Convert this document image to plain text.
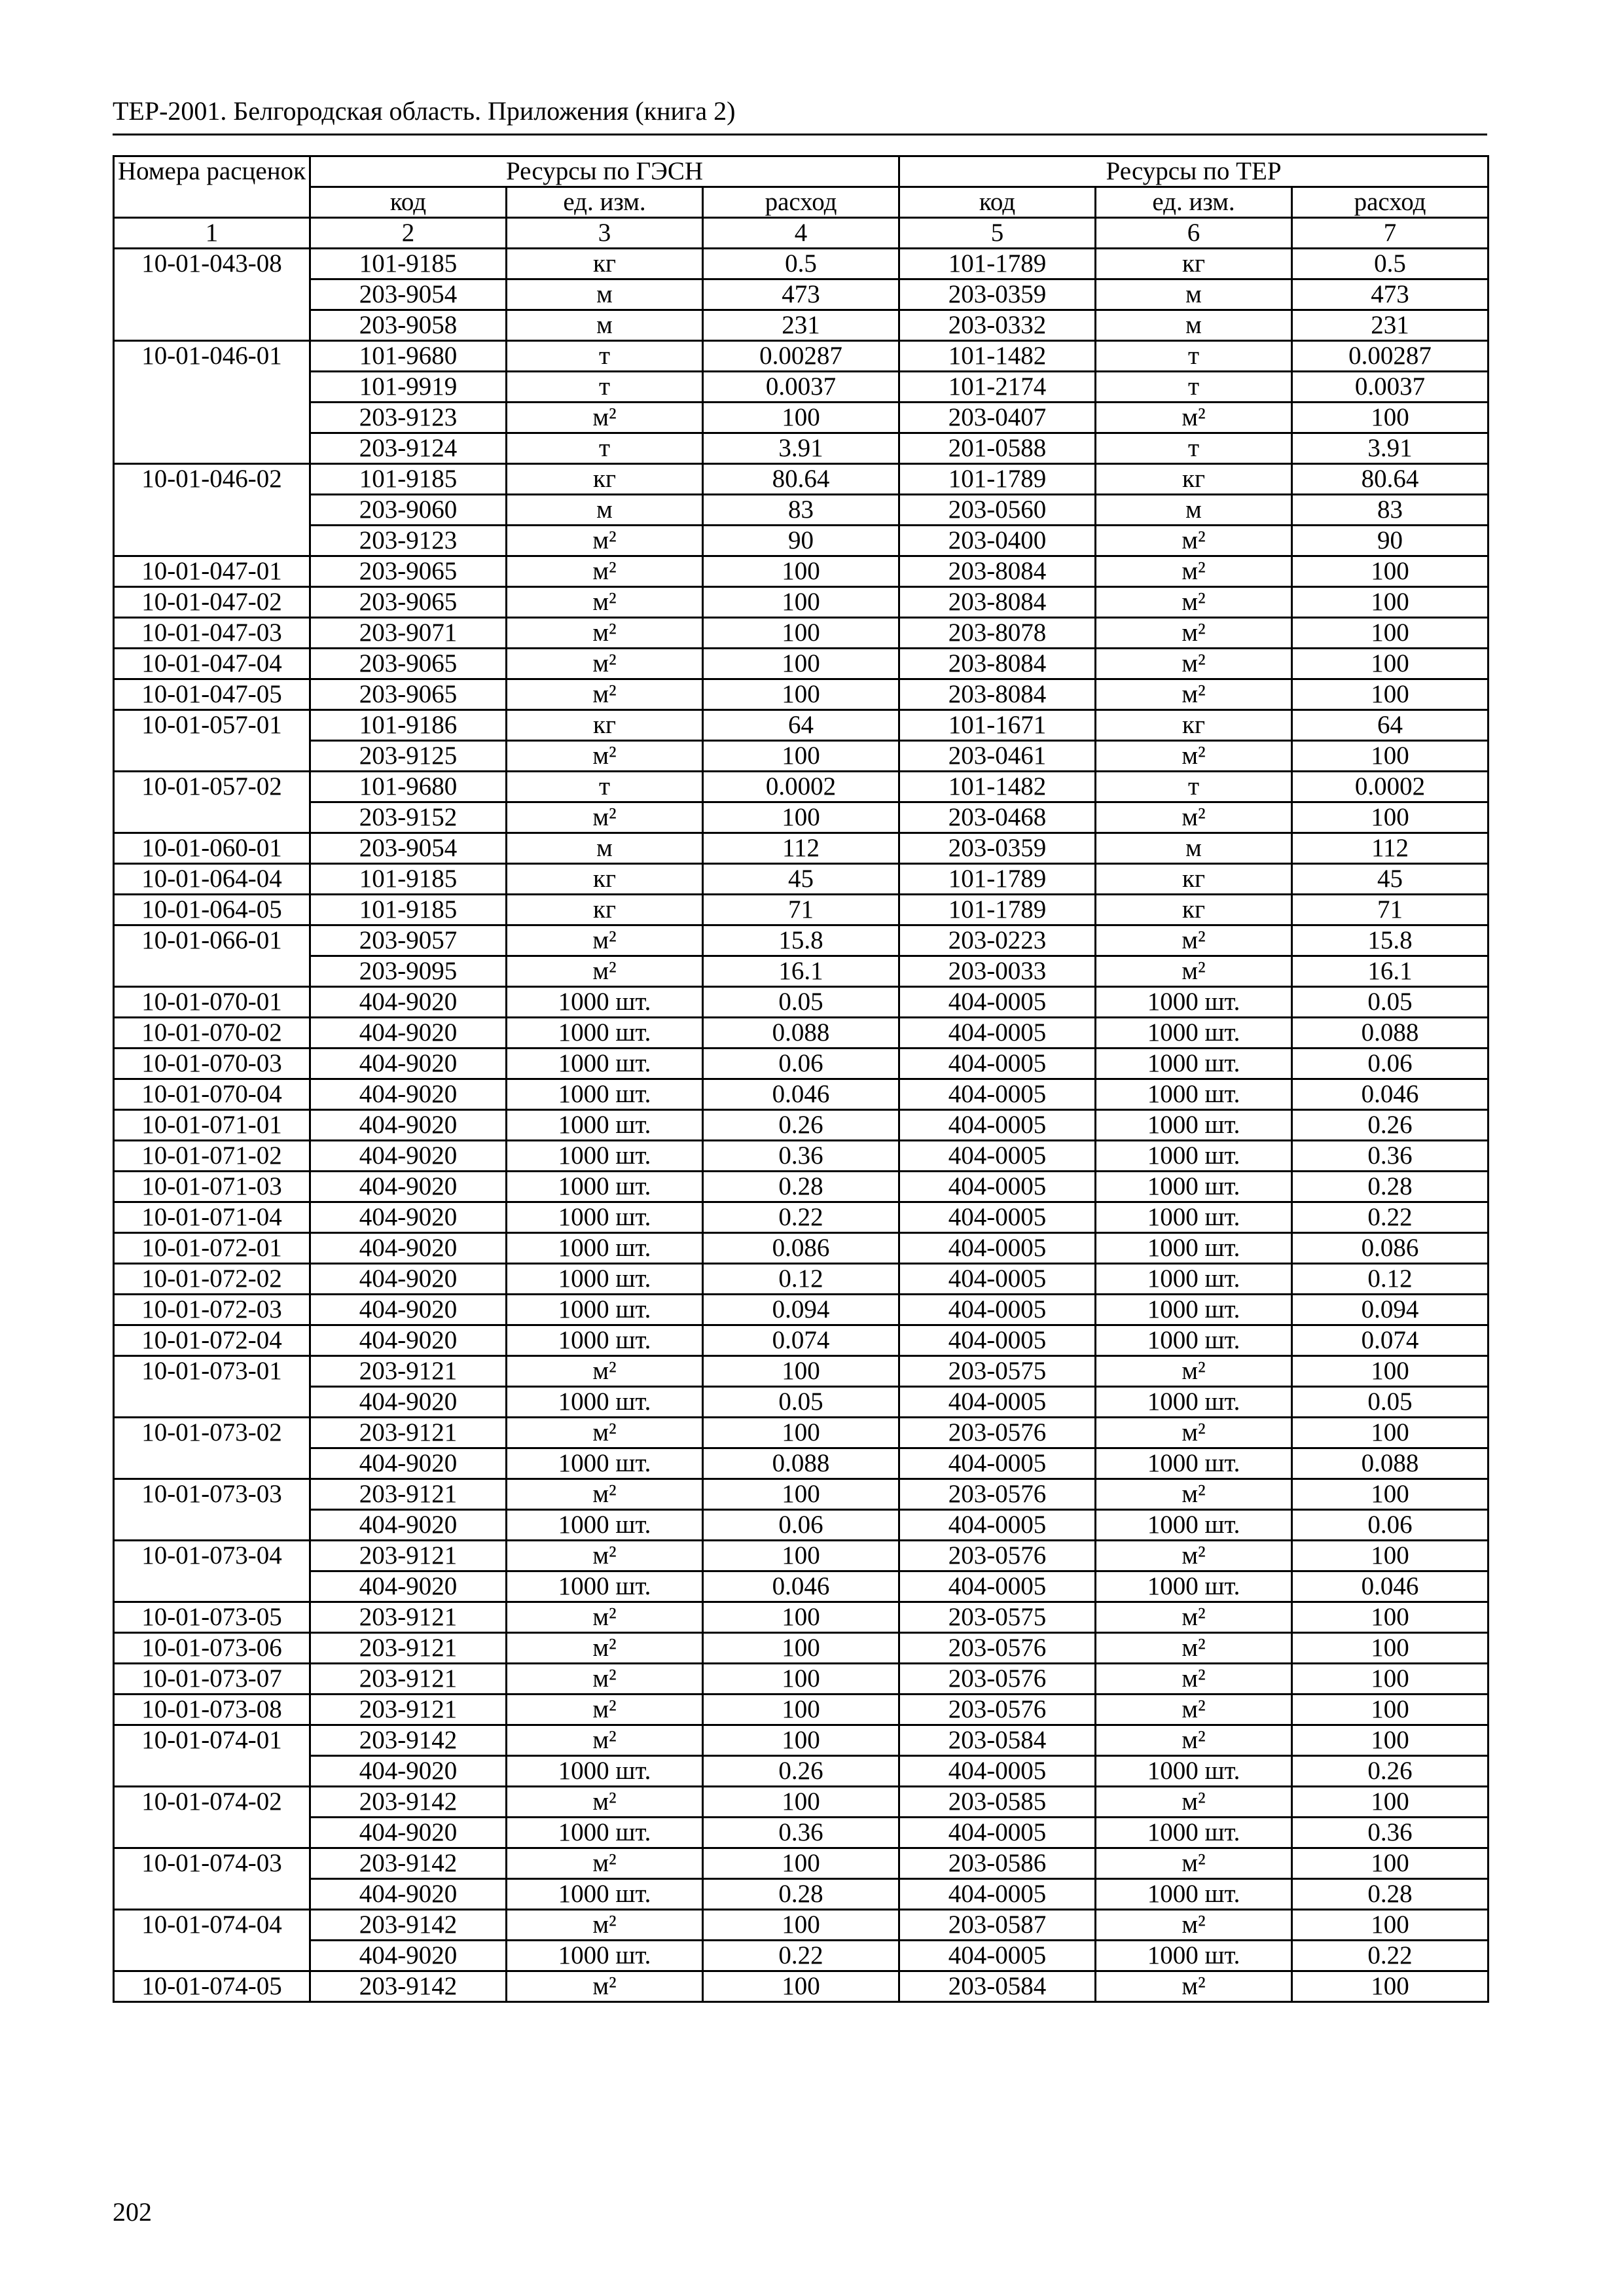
ТЕР-2001. Белгородская область. Приложения (книга 2)
Номера расценок	Ресурсы по ГЭСН			Ресурсы по ТЕР		
	код	ед. изм.	расход	код	ед. изм.	расход
1	2	3	4	5	6	7
10-01-043-08	101-9185	кг	0.5	101-1789	кг	0.5
	203-9054	м	473	203-0359	м	473
	203-9058	м	231	203-0332	м	231
10-01-046-01	101-9680	т	0.00287	101-1482	т	0.00287
	101-9919	т	0.0037	101-2174	т	0.0037
	203-9123	м²	100	203-0407	м²	100
	203-9124	т	3.91	201-0588	т	3.91
10-01-046-02	101-9185	кг	80.64	101-1789	кг	80.64
	203-9060	м	83	203-0560	м	83
	203-9123	м²	90	203-0400	м²	90
10-01-047-01	203-9065	м²	100	203-8084	м²	100
10-01-047-02	203-9065	м²	100	203-8084	м²	100
10-01-047-03	203-9071	м²	100	203-8078	м²	100
10-01-047-04	203-9065	м²	100	203-8084	м²	100
10-01-047-05	203-9065	м²	100	203-8084	м²	100
10-01-057-01	101-9186	кг	64	101-1671	кг	64
	203-9125	м²	100	203-0461	м²	100
10-01-057-02	101-9680	т	0.0002	101-1482	т	0.0002
	203-9152	м²	100	203-0468	м²	100
10-01-060-01	203-9054	м	112	203-0359	м	112
10-01-064-04	101-9185	кг	45	101-1789	кг	45
10-01-064-05	101-9185	кг	71	101-1789	кг	71
10-01-066-01	203-9057	м²	15.8	203-0223	м²	15.8
	203-9095	м²	16.1	203-0033	м²	16.1
10-01-070-01	404-9020	1000 шт.	0.05	404-0005	1000 шт.	0.05
10-01-070-02	404-9020	1000 шт.	0.088	404-0005	1000 шт.	0.088
10-01-070-03	404-9020	1000 шт.	0.06	404-0005	1000 шт.	0.06
10-01-070-04	404-9020	1000 шт.	0.046	404-0005	1000 шт.	0.046
10-01-071-01	404-9020	1000 шт.	0.26	404-0005	1000 шт.	0.26
10-01-071-02	404-9020	1000 шт.	0.36	404-0005	1000 шт.	0.36
10-01-071-03	404-9020	1000 шт.	0.28	404-0005	1000 шт.	0.28
10-01-071-04	404-9020	1000 шт.	0.22	404-0005	1000 шт.	0.22
10-01-072-01	404-9020	1000 шт.	0.086	404-0005	1000 шт.	0.086
10-01-072-02	404-9020	1000 шт.	0.12	404-0005	1000 шт.	0.12
10-01-072-03	404-9020	1000 шт.	0.094	404-0005	1000 шт.	0.094
10-01-072-04	404-9020	1000 шт.	0.074	404-0005	1000 шт.	0.074
10-01-073-01	203-9121	м²	100	203-0575	м²	100
	404-9020	1000 шт.	0.05	404-0005	1000 шт.	0.05
10-01-073-02	203-9121	м²	100	203-0576	м²	100
	404-9020	1000 шт.	0.088	404-0005	1000 шт.	0.088
10-01-073-03	203-9121	м²	100	203-0576	м²	100
	404-9020	1000 шт.	0.06	404-0005	1000 шт.	0.06
10-01-073-04	203-9121	м²	100	203-0576	м²	100
	404-9020	1000 шт.	0.046	404-0005	1000 шт.	0.046
10-01-073-05	203-9121	м²	100	203-0575	м²	100
10-01-073-06	203-9121	м²	100	203-0576	м²	100
10-01-073-07	203-9121	м²	100	203-0576	м²	100
10-01-073-08	203-9121	м²	100	203-0576	м²	100
10-01-074-01	203-9142	м²	100	203-0584	м²	100
	404-9020	1000 шт.	0.26	404-0005	1000 шт.	0.26
10-01-074-02	203-9142	м²	100	203-0585	м²	100
	404-9020	1000 шт.	0.36	404-0005	1000 шт.	0.36
10-01-074-03	203-9142	м²	100	203-0586	м²	100
	404-9020	1000 шт.	0.28	404-0005	1000 шт.	0.28
10-01-074-04	203-9142	м²	100	203-0587	м²	100
	404-9020	1000 шт.	0.22	404-0005	1000 шт.	0.22
10-01-074-05	203-9142	м²	100	203-0584	м²	100
202
